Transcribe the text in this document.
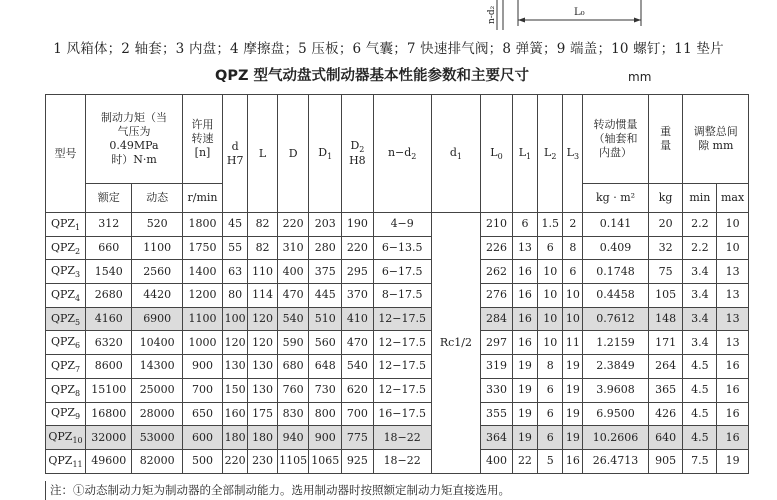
L₀
n-d₂
1 风箱体；2 轴套；3 内盘；4 摩擦盘；5 压板；6 气囊；7 快速排气阀；8 弹簧；9 端盖；10 螺钉；11 垫片
QPZ 型气动盘式制动器基本性能参数和主要尺寸	mm
型号	制动力矩（当气压为0.49MPa 时）N·m		许用转速[n]	d
H7	L	D	$D_1$	$D_2$
H8	$n-d_2$	$d_1$	$L_0$	$L_1$	$L_2$	$L_3$	转动惯量（轴套和内盘）	重量	调整总间隙 mm	
	额定	动态	r/min												kg · m²	kg	min	max
$QPZ_1$	312	520	1800	45	82	220	203	190	4−9	Rc1/2	210	6	1.5	2	0.141	20	2.2	10
$QPZ_2$	660	1100	1750	55	82	310	280	220	6−13.5		226	13	6	8	0.409	32	2.2	10
$QPZ_3$	1540	2560	1400	63	110	400	375	295	6−17.5		262	16	10	6	0.1748	75	3.4	13
$QPZ_4$	2680	4420	1200	80	114	470	445	370	8−17.5		276	16	10	10	0.4458	105	3.4	13
$QPZ_5$	4160	6900	1100	100	120	540	510	410	12−17.5		284	16	10	10	0.7612	148	3.4	13
$QPZ_6$	6320	10400	1000	120	120	590	560	470	12−17.5		297	16	10	11	1.2159	171	3.4	13
$QPZ_7$	8600	14300	900	130	130	680	648	540	12−17.5		319	19	8	19	2.3849	264	4.5	16
$QPZ_8$	15100	25000	700	150	130	760	730	620	12−17.5		330	19	6	19	3.9608	365	4.5	16
$QPZ_9$	16800	28000	650	160	175	830	800	700	16−17.5		355	19	6	19	6.9500	426	4.5	16
$QPZ_{10}$	32000	53000	600	180	180	940	900	775	18−22		364	19	6	19	10.2606	640	4.5	16
$QPZ_{11}$	49600	82000	500	220	230	1105	1065	925	18−22		400	22	5	16	26.4713	905	7.5	19
注：①动态制动力矩为制动器的全部制动能力。选用制动器时按照额定制动力矩直接选用。
